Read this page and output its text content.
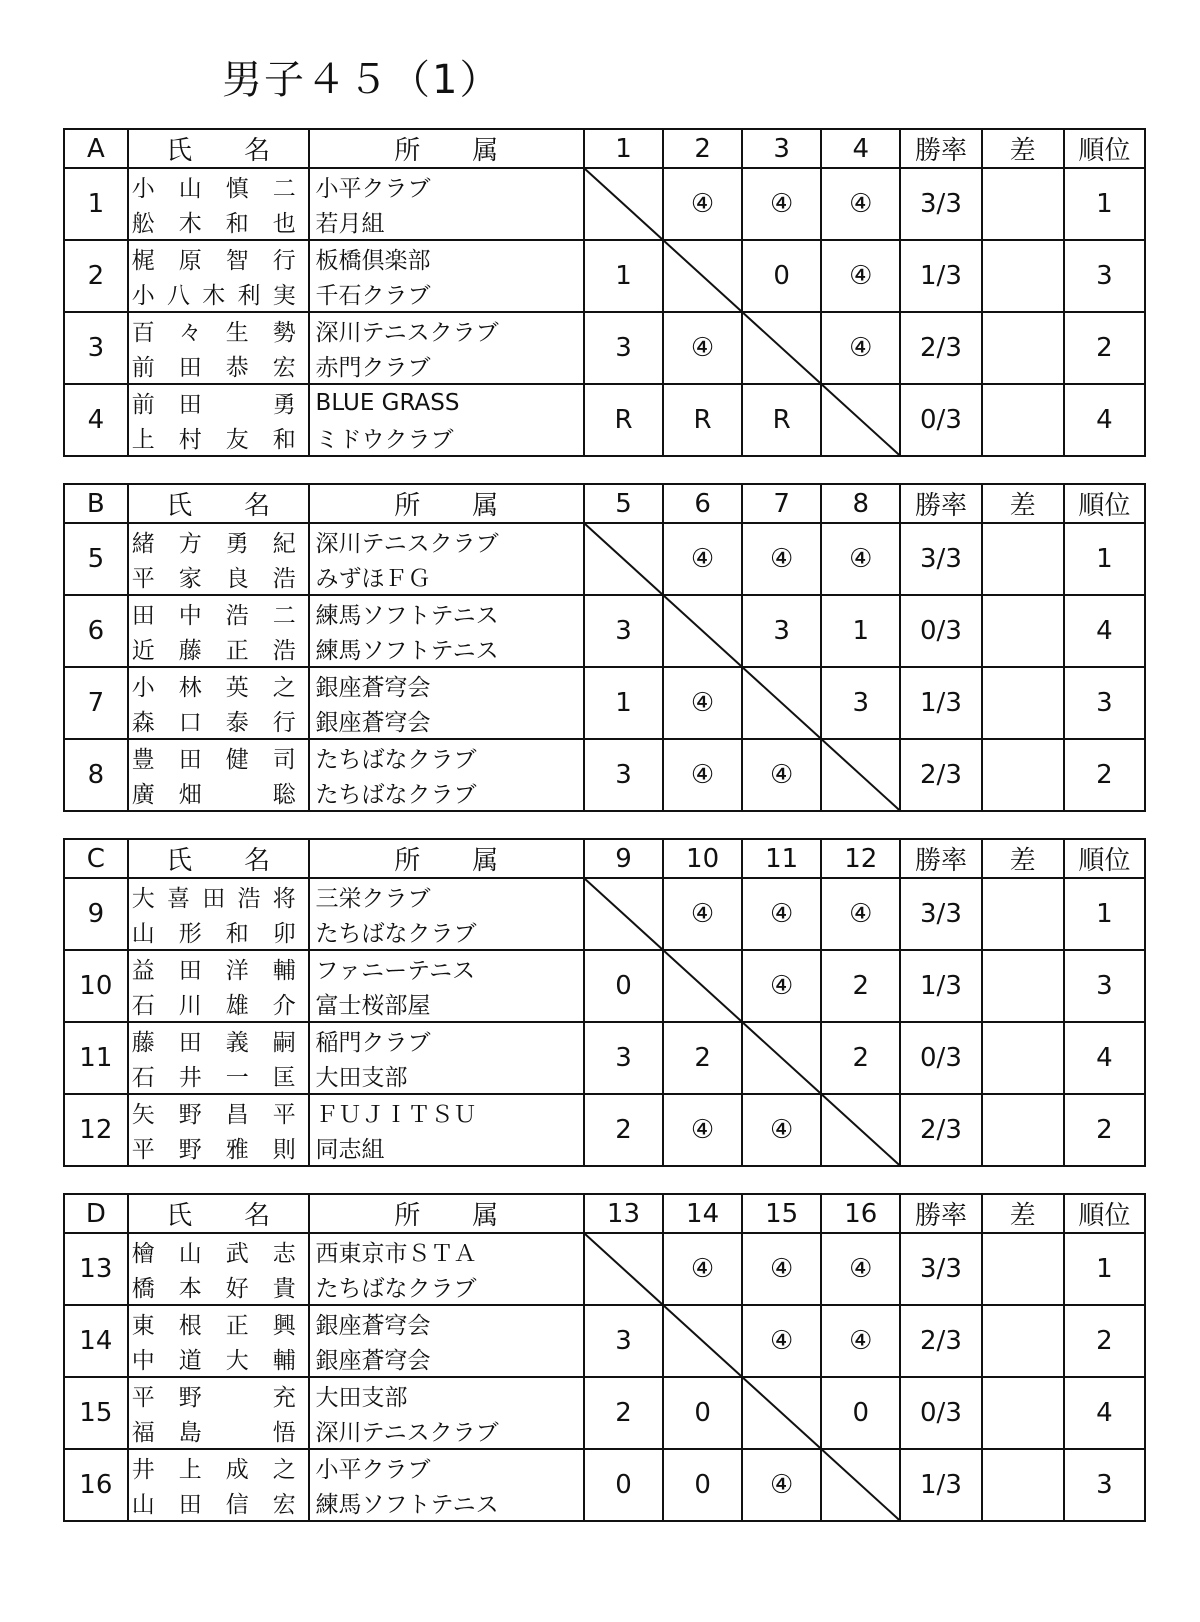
男子４５（1）
A	氏　　名	所　　属	1	2	3	4	勝率	差	順位
1	小 山 慎 二	小平クラブ		④	④	④	3/3		1

	舩 木 和 也	若月組							
2	梶 原 智 行	板橋倶楽部	1		0	④	1/3		3

	小 八 木 利 実	千石クラブ							
3	百 々 生 勢	深川テニスクラブ	3	④		④	2/3		2

	前 田 恭 宏	赤門クラブ							
4	前 田
　 勇	BLUE GRASS	R	R	R		0/3		4

	上 村 友 和	ミドウクラブ							
B	氏　　名	所　　属	5	6	7	8	勝率	差	順位
5	緒 方 勇 紀	深川テニスクラブ		④	④	④	3/3		1

	平 家 良 浩	みずほＦＧ							
6	田 中 浩 二	練馬ソフトテニス	3		3	1	0/3		4

	近 藤 正 浩	練馬ソフトテニス							
7	小 林 英 之	銀座蒼穹会	1	④		3	1/3		3

	森 口 泰 行	銀座蒼穹会							
8	豊 田 健 司	たちばなクラブ	3	④	④		2/3		2

	廣 畑
　 聡	たちばなクラブ							
C	氏　　名	所　　属	9	10	11	12	勝率	差	順位
9	大 喜 田 浩 将	三栄クラブ		④	④	④	3/3		1

	山 形 和 卯	たちばなクラブ							
10	益 田 洋 輔	ファニーテニス	0		④	2	1/3		3

	石 川 雄 介	富士桜部屋							
11	藤 田 義 嗣	稲門クラブ	3	2		2	0/3		4

	石 井 一 匡	大田支部							
12	矢 野 昌 平	ＦＵＪＩＴＳＵ	2	④	④		2/3		2

	平 野 雅 則	同志組							
D	氏　　名	所　　属	13	14	15	16	勝率	差	順位
13	檜 山 武 志	西東京市ＳＴＡ		④	④	④	3/3		1

	橋 本 好 貴	たちばなクラブ							
14	東 根 正 興	銀座蒼穹会	3		④	④	2/3		2

	中 道 大 輔	銀座蒼穹会							
15	平 野
　 充	大田支部	2	0		0	0/3		4

	福 島
　 悟	深川テニスクラブ							
16	井 上 成 之	小平クラブ	0	0	④		1/3		3

	山 田 信 宏	練馬ソフトテニス							
